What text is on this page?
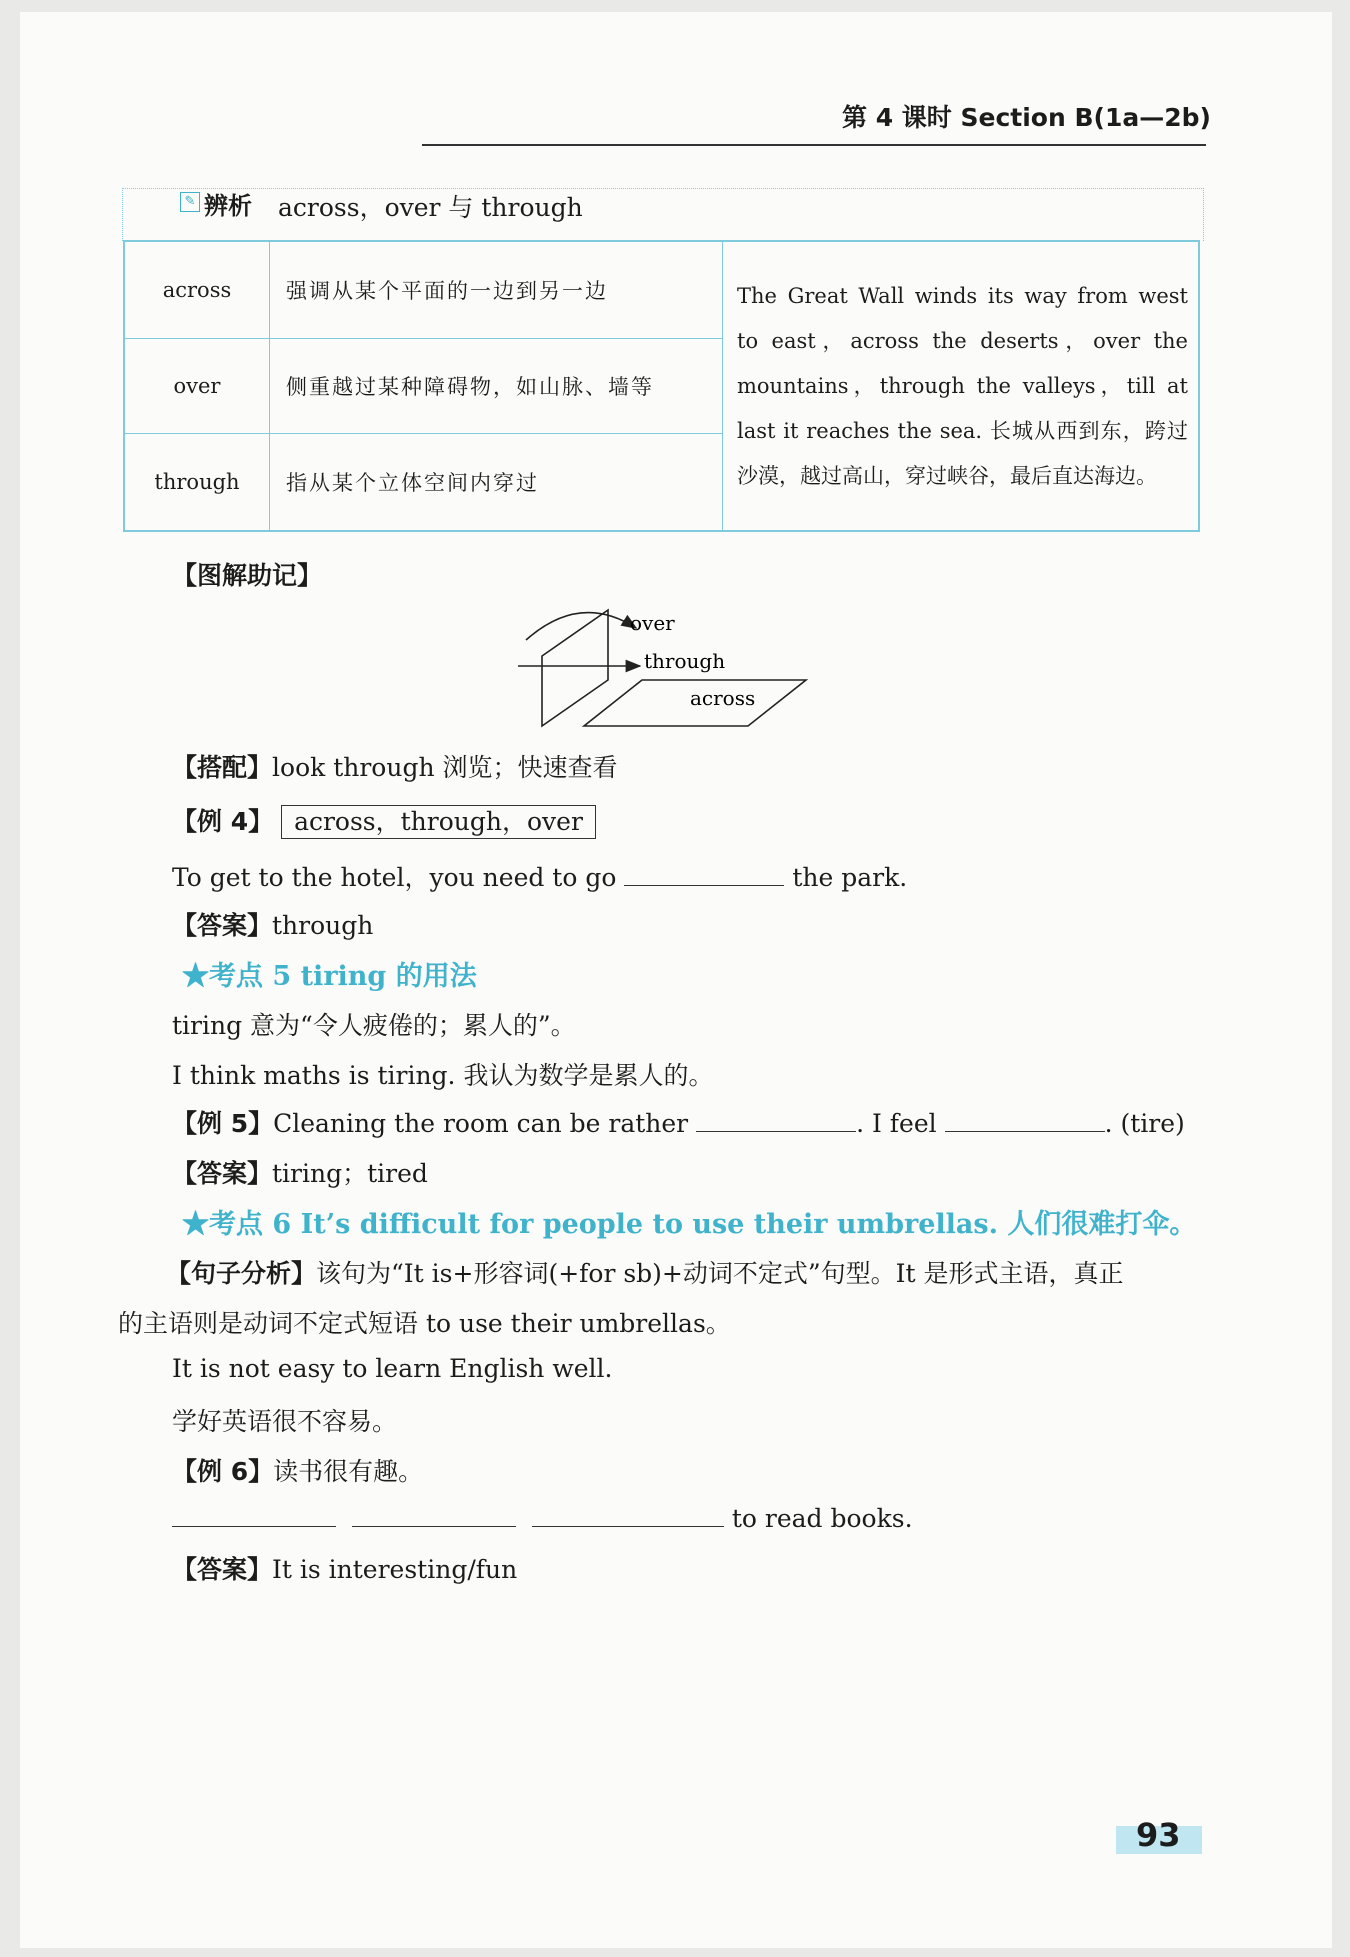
第 4 课时 Section B(1a—2b)
✎ 辨析 across，over 与 through
across	强调从某个平面的一边到另一边	The Great Wall winds its way from west to east，across the deserts，over the mountains，through the valleys，till at last it reaches the sea. 长城从西到东，跨过沙漠，越过高山，穿过峡谷，最后直达海边。
over	侧重越过某种障碍物，如山脉、墙等	
through	指从某个立体空间内穿过	
【图解助记】
over
through
across
【搭配】look through 浏览；快速查看
【例 4】 across，through，over
To get to the hotel，you need to go	the park.
【答案】through
★考点 5 tiring 的用法
tiring 意为“令人疲倦的；累人的”。
I think maths is tiring. 我认为数学是累人的。
【例 5】Cleaning the room can be rather	. I feel	. (tire)
【答案】tiring；tired
★考点 6 It’s difficult for people to use their umbrellas. 人们很难打伞。
【句子分析】该句为“It is+形容词(+for sb)+动词不定式”句型。It 是形式主语，真正
的主语则是动词不定式短语 to use their umbrellas。
It is not easy to learn English well.
学好英语很不容易。
【例 6】读书很有趣。
to read books.
【答案】It is interesting/fun
93
